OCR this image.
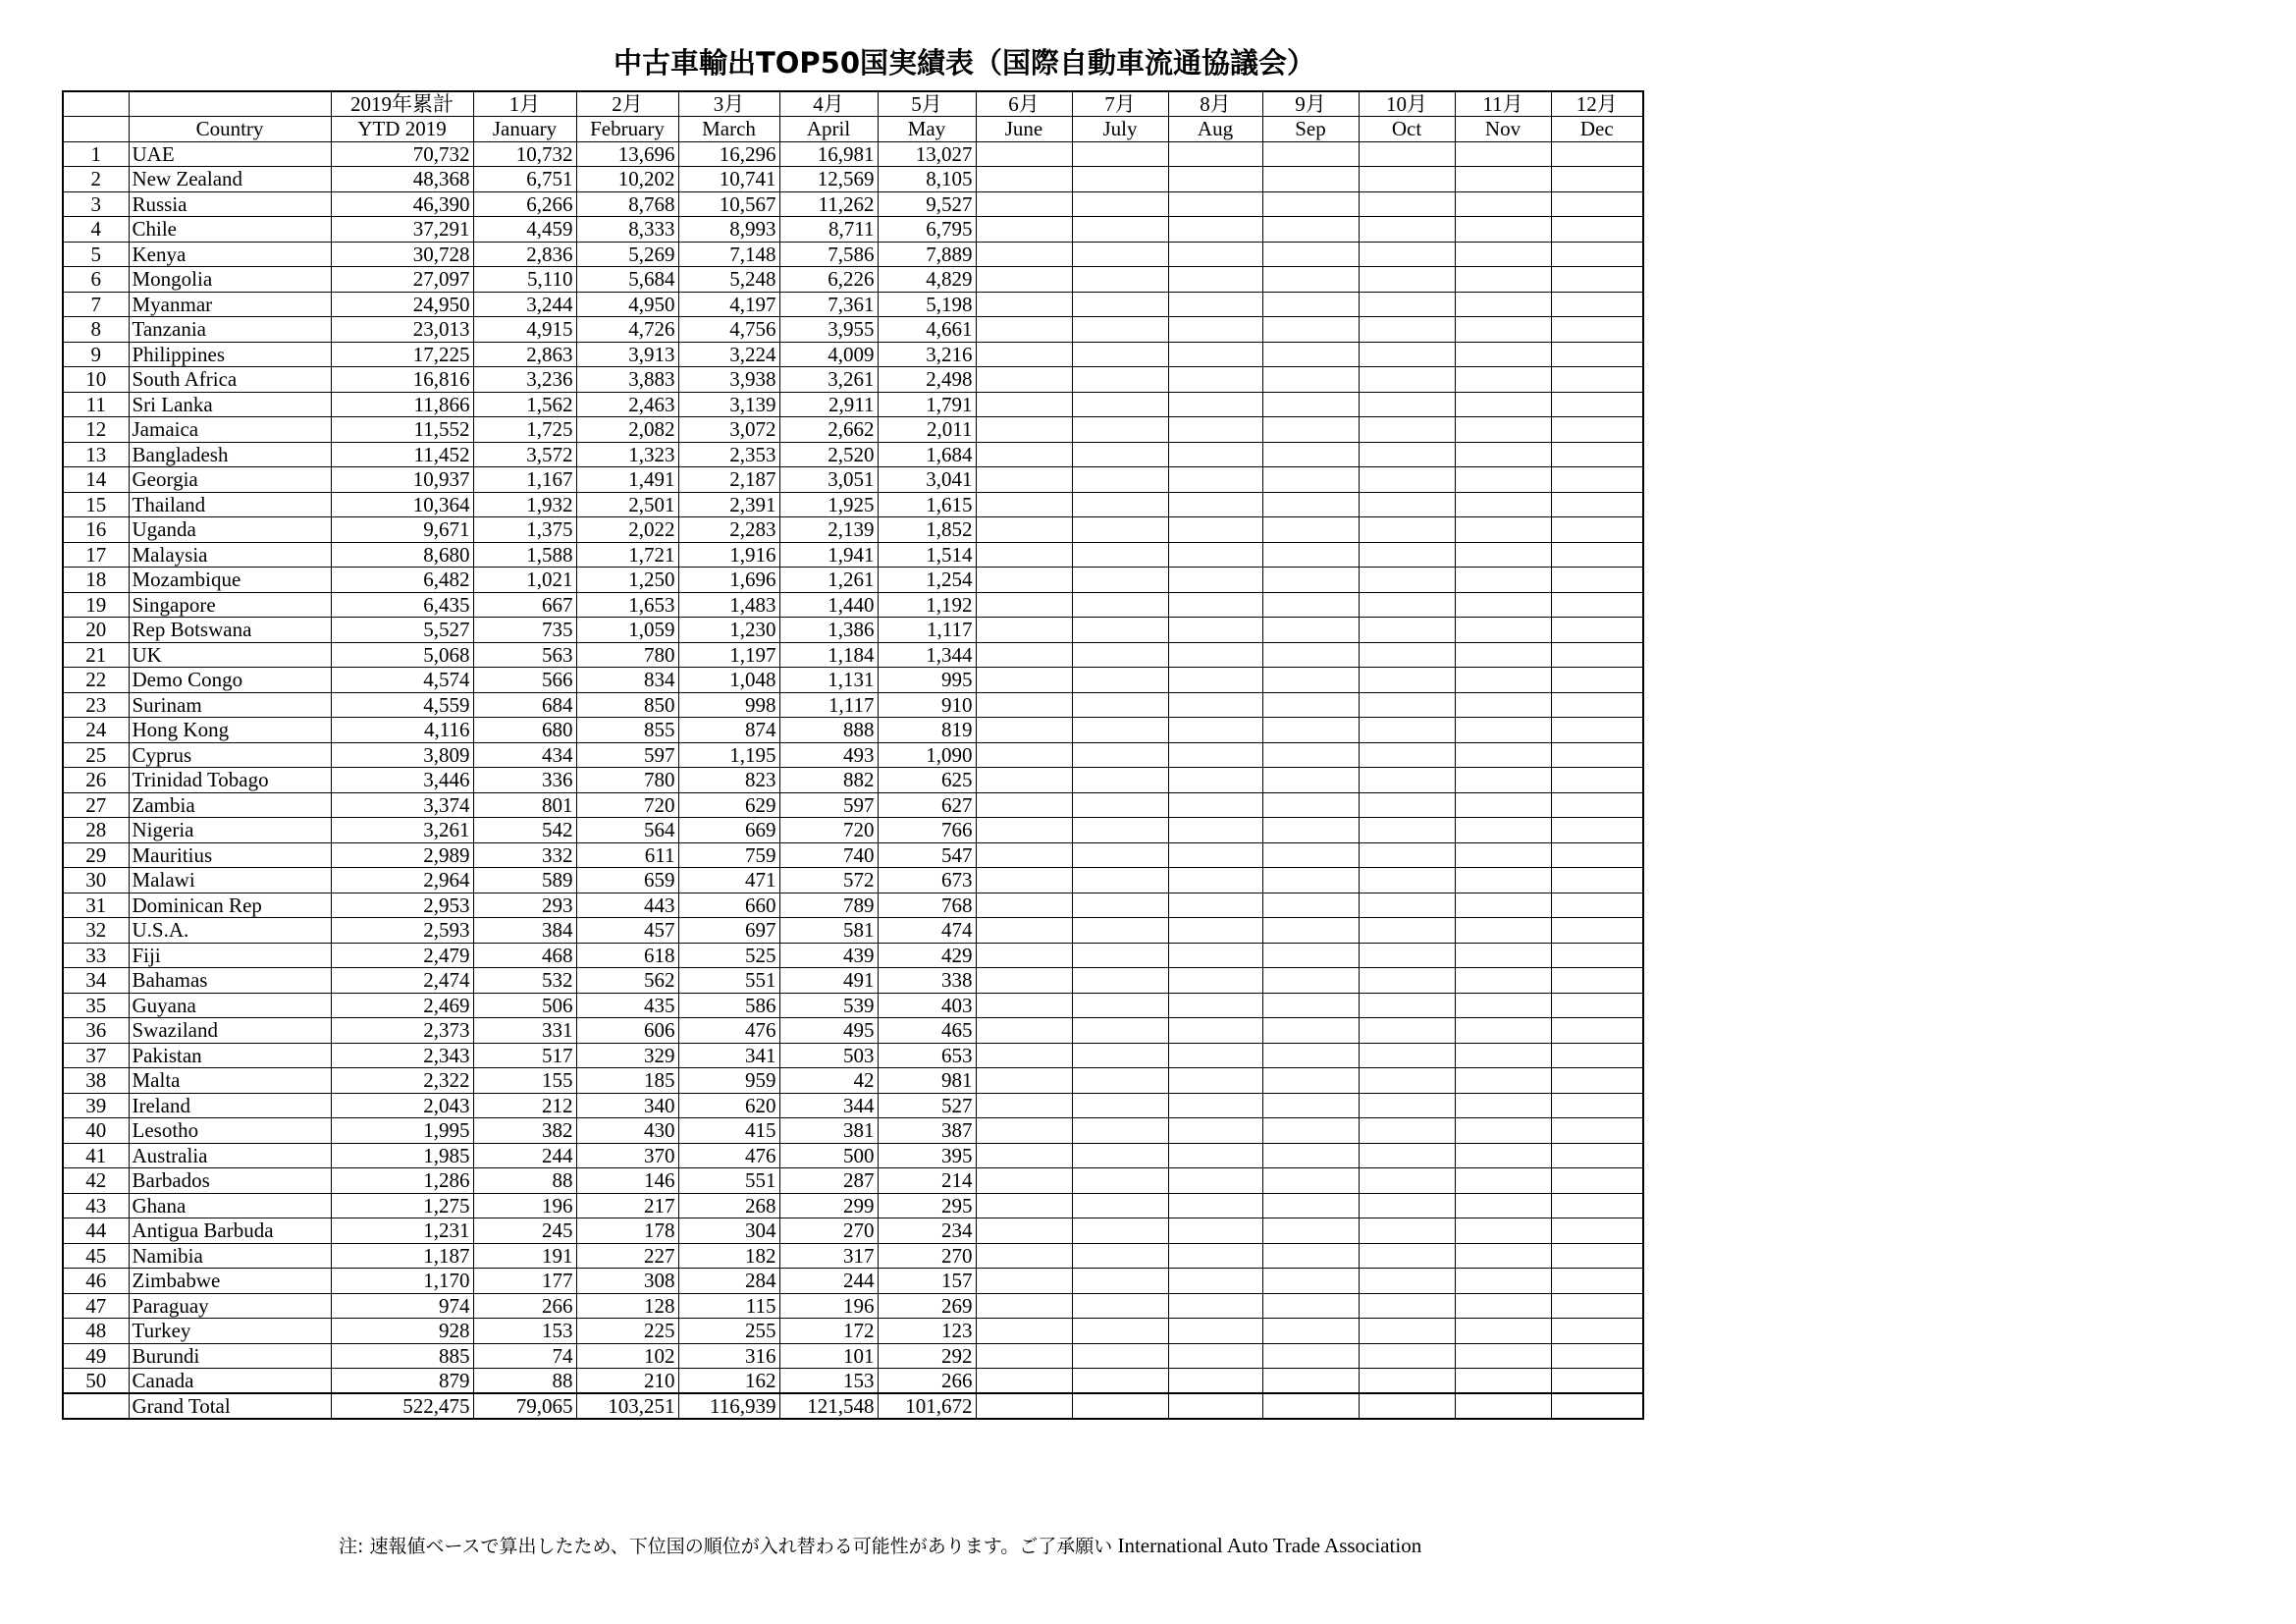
中古車輸出TOP50国実績表（国際自動車流通協議会）
		2019年累計	1月	2月	3月	4月	5月	6月	7月	8月	9月	10月	11月	12月
	Country	YTD 2019	January	February	March	April	May	June	July	Aug	Sep	Oct	Nov	Dec
1	UAE	70,732	10,732	13,696	16,296	16,981	13,027							
2	New Zealand	48,368	6,751	10,202	10,741	12,569	8,105							
3	Russia	46,390	6,266	8,768	10,567	11,262	9,527							
4	Chile	37,291	4,459	8,333	8,993	8,711	6,795							
5	Kenya	30,728	2,836	5,269	7,148	7,586	7,889							
6	Mongolia	27,097	5,110	5,684	5,248	6,226	4,829							
7	Myanmar	24,950	3,244	4,950	4,197	7,361	5,198							
8	Tanzania	23,013	4,915	4,726	4,756	3,955	4,661							
9	Philippines	17,225	2,863	3,913	3,224	4,009	3,216							
10	South Africa	16,816	3,236	3,883	3,938	3,261	2,498							
11	Sri Lanka	11,866	1,562	2,463	3,139	2,911	1,791							
12	Jamaica	11,552	1,725	2,082	3,072	2,662	2,011							
13	Bangladesh	11,452	3,572	1,323	2,353	2,520	1,684							
14	Georgia	10,937	1,167	1,491	2,187	3,051	3,041							
15	Thailand	10,364	1,932	2,501	2,391	1,925	1,615							
16	Uganda	9,671	1,375	2,022	2,283	2,139	1,852							
17	Malaysia	8,680	1,588	1,721	1,916	1,941	1,514							
18	Mozambique	6,482	1,021	1,250	1,696	1,261	1,254							
19	Singapore	6,435	667	1,653	1,483	1,440	1,192							
20	Rep Botswana	5,527	735	1,059	1,230	1,386	1,117							
21	UK	5,068	563	780	1,197	1,184	1,344							
22	Demo Congo	4,574	566	834	1,048	1,131	995							
23	Surinam	4,559	684	850	998	1,117	910							
24	Hong Kong	4,116	680	855	874	888	819							
25	Cyprus	3,809	434	597	1,195	493	1,090							
26	Trinidad Tobago	3,446	336	780	823	882	625							
27	Zambia	3,374	801	720	629	597	627							
28	Nigeria	3,261	542	564	669	720	766							
29	Mauritius	2,989	332	611	759	740	547							
30	Malawi	2,964	589	659	471	572	673							
31	Dominican Rep	2,953	293	443	660	789	768							
32	U.S.A.	2,593	384	457	697	581	474							
33	Fiji	2,479	468	618	525	439	429							
34	Bahamas	2,474	532	562	551	491	338							
35	Guyana	2,469	506	435	586	539	403							
36	Swaziland	2,373	331	606	476	495	465							
37	Pakistan	2,343	517	329	341	503	653							
38	Malta	2,322	155	185	959	42	981							
39	Ireland	2,043	212	340	620	344	527							
40	Lesotho	1,995	382	430	415	381	387							
41	Australia	1,985	244	370	476	500	395							
42	Barbados	1,286	88	146	551	287	214							
43	Ghana	1,275	196	217	268	299	295							
44	Antigua Barbuda	1,231	245	178	304	270	234							
45	Namibia	1,187	191	227	182	317	270							
46	Zimbabwe	1,170	177	308	284	244	157							
47	Paraguay	974	266	128	115	196	269							
48	Turkey	928	153	225	255	172	123							
49	Burundi	885	74	102	316	101	292							
50	Canada	879	88	210	162	153	266							
	Grand Total	522,475	79,065	103,251	116,939	121,548	101,672							
注: 速報値ベースで算出したため、下位国の順位が入れ替わる可能性があります。ご了承願い International Auto Trade Association
